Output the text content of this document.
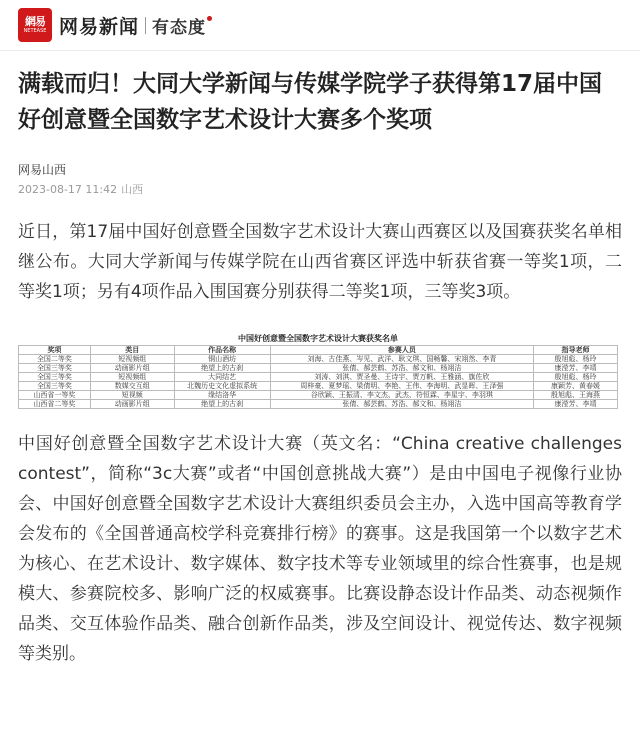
網易
NETEASE 网易新闻 有态度
满载而归！大同大学新闻与传媒学院学子获得第17届中国好创意暨全国数字艺术设计大赛多个奖项
网易山西
2023-08-17 11:42 山西

近日，第17届中国好创意暨全国数字艺术设计大赛山西赛区以及国赛获奖名单相继公布。大同大学新闻与传媒学院在山西省赛区评选中斩获省赛一等奖1项，二等奖1项；另有4项作品入围国赛分别获得二等奖1项，三等奖3项。

中国好创意暨全国数字艺术设计大赛获奖名单
奖项	类目	作品名称	参赛人员	指导老师
全国二等奖	短视频组	铜山酒坊	刘海、古佳燕、岑见、武洋、耿文琪、国畅馨、宋翊然、李青	殷旭彪、杨玲
全国三等奖	动画影片组	绝望上的古刹	张倩、郝芸鹤、苏浩、郝文和、杨翊洁	康滢芳、李靖
全国三等奖	短视频组	大同结艺	刘涛、刘淇、贾圣曼、王诗宇、贾万帆、王雅涵、旗佐欣	殷旭彪、杨玲
全国三等奖	数媒交互组	北魏历史文化虚拟系统	周梓豪、夏梦瑶、梁倩明、李艳、王伟、李海明、武显晖、王泽强	康颖芳、黄春媛
山西省一等奖	短视频	缘结洛华	谷欣颖、王振清、李文杰、武杰、符恒霖、李星宇、李羽琪	殷旭彪、王海燕
山西省二等奖	动画影片组	绝望上的古刹	张倩、郝芸鹤、苏浩、郝文和、杨翊洁	康滢芳、李靖

中国好创意暨全国数字艺术设计大赛（英文名：“China creative challenges contest”，简称“3c大赛”或者“中国创意挑战大赛”）是由中国电子视像行业协会、中国好创意暨全国数字艺术设计大赛组织委员会主办，入选中国高等教育学会发布的《全国普通高校学科竞赛排行榜》的赛事。这是我国第一个以数字艺术为核心、在艺术设计、数字媒体、数字技术等专业领域里的综合性赛事，也是规模大、参赛院校多、影响广泛的权威赛事。比赛设静态设计作品类、动态视频作品类、交互体验作品类、融合创新作品类，涉及空间设计、视觉传达、数字视频等类别。
